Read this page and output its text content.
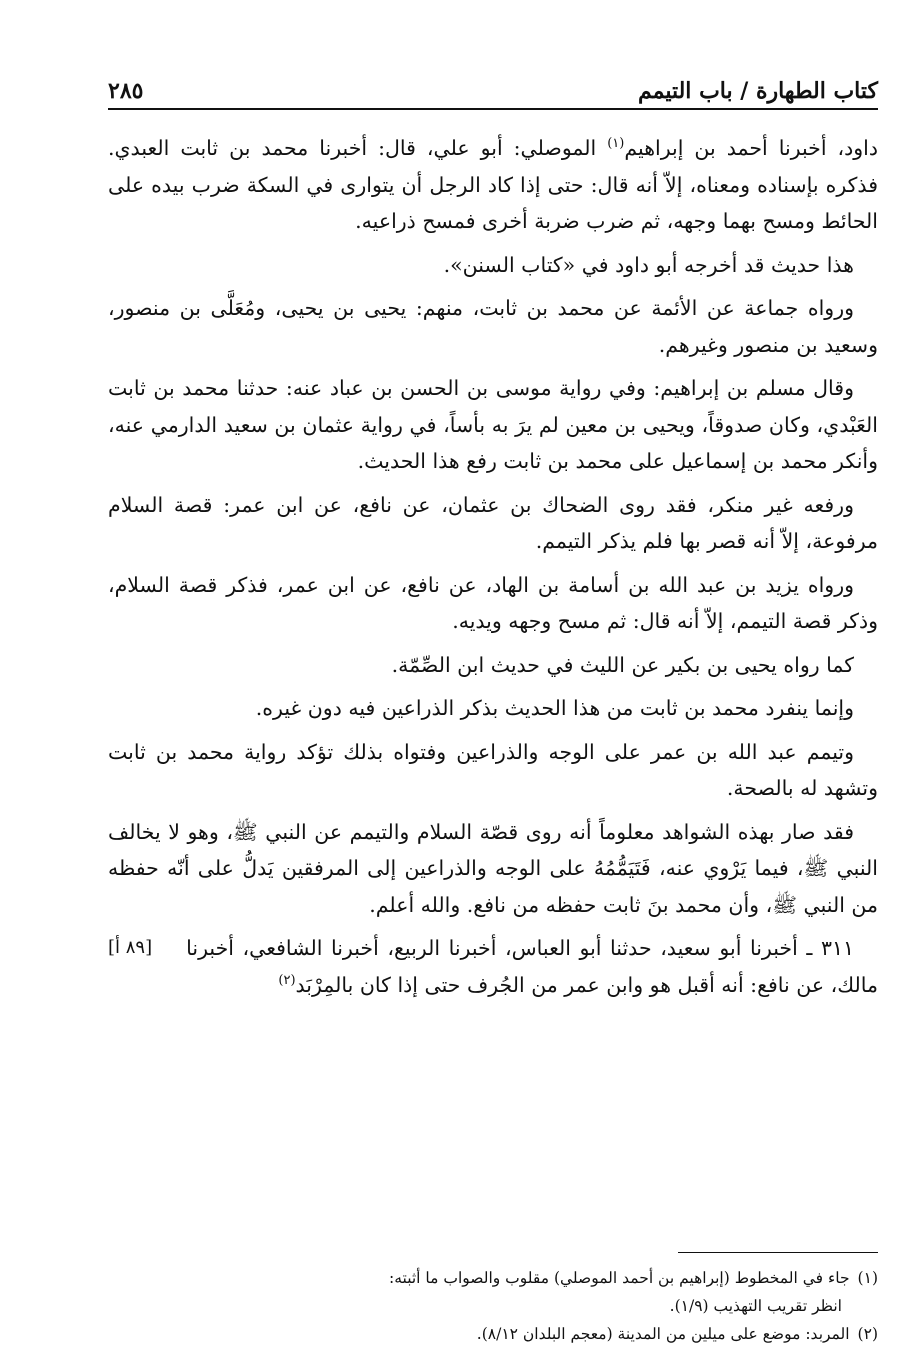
كتاب الطهارة / باب التيمم
٢٨٥

داود، أخبرنا أحمد بن إبراهيم$^{(١)}$ الموصلي: أبو علي، قال: أخبرنا محمد بن ثابت العبدي. فذكره بإسناده ومعناه، إلاّ أنه قال: حتى إذا كاد الرجل أن يتوارى في السكة ضرب بيده على الحائط ومسح بهما وجهه، ثم ضرب ضربة أخرى فمسح ذراعيه.

هذا حديث قد أخرجه أبو داود في «كتاب السنن».

ورواه جماعة عن الأئمة عن محمد بن ثابت، منهم: يحيى بن يحيى، ومُعَلَّى بن منصور، وسعيد بن منصور وغيرهم.

وقال مسلم بن إبراهيم: وفي رواية موسى بن الحسن بن عباد عنه: حدثنا محمد بن ثابت العَبْدي، وكان صدوقاً، ويحيى بن معين لم يرَ به بأساً، في رواية عثمان بن سعيد الدارمي عنه، وأنكر محمد بن إسماعيل على محمد بن ثابت رفع هذا الحديث.

ورفعه غير منكر، فقد روى الضحاك بن عثمان، عن نافع، عن ابن عمر: قصة السلام مرفوعة، إلاّ أنه قصر بها فلم يذكر التيمم.

ورواه يزيد بن عبد الله بن أسامة بن الهاد، عن نافع، عن ابن عمر، فذكر قصة السلام، وذكر قصة التيمم، إلاّ أنه قال: ثم مسح وجهه ويديه.

كما رواه يحيى بن بكير عن الليث في حديث ابن الصِّمّة.

وإنما ينفرد محمد بن ثابت من هذا الحديث بذكر الذراعين فيه دون غيره.

وتيمم عبد الله بن عمر على الوجه والذراعين وفتواه بذلك تؤكد رواية محمد بن ثابت وتشهد له بالصحة.

فقد صار بهذه الشواهد معلوماً أنه روى قصّة السلام والتيمم عن النبي ﷺ، وهو لا يخالف النبي ﷺ، فيما يَرْوي عنه، فَتَيَمُّمُهُ على الوجه والذراعين إلى المرفقين يَدلُّ على أنّه حفظه من النبي ﷺ، وأن محمد بنَ ثابت حفظه من نافع. والله أعلم.

[٨٩ أ]	٣١١ ـ أخبرنا أبو سعيد، حدثنا أبو العباس، أخبرنا الربيع، أخبرنا الشافعي، أخبرنا مالك، عن نافع: أنه أقبل هو وابن عمر من الجُرف حتى إذا كان بالمِرْبَد$^{(٢)}$

(١)جاء في المخطوط (إبراهيم بن أحمد الموصلي) مقلوب والصواب ما أثبته:

انظر تقريب التهذيب (١/٩).

(٢)المربد: موضع على ميلين من المدينة (معجم البلدان ٨/١٢).
